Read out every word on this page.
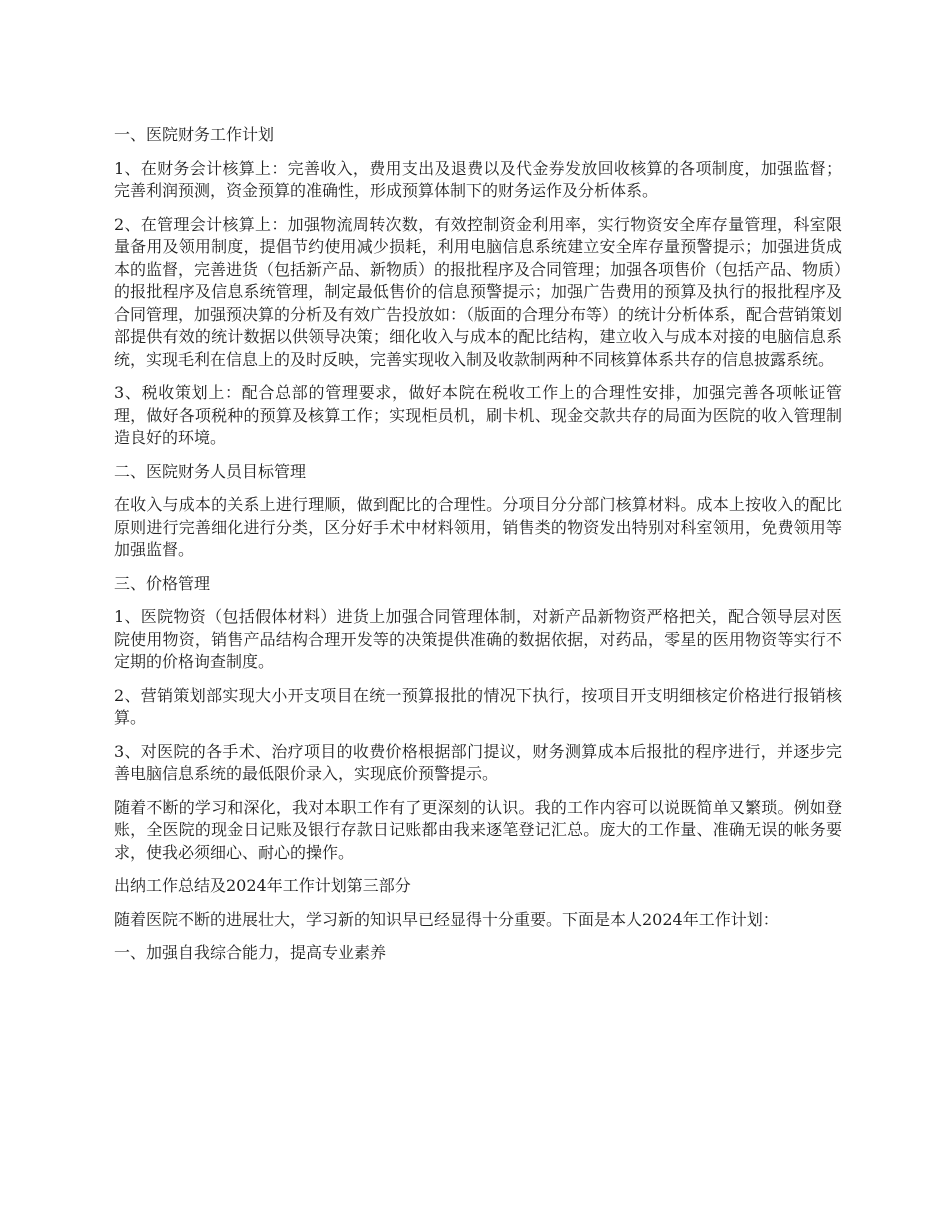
一、医院财务工作计划

1、在财务会计核算上：完善收入，费用支出及退费以及代金券发放回收核算的各项制度，加强监督；完善利润预测，资金预算的准确性，形成预算体制下的财务运作及分析体系。

2、在管理会计核算上：加强物流周转次数，有效控制资金利用率，实行物资安全库存量管理，科室限量备用及领用制度，提倡节约使用减少损耗，利用电脑信息系统建立安全库存量预警提示；加强进货成本的监督，完善进货（包括新产品、新物质）的报批程序及合同管理；加强各项售价（包括产品、物质）的报批程序及信息系统管理，制定最低售价的信息预警提示；加强广告费用的预算及执行的报批程序及合同管理，加强预决算的分析及有效广告投放如：（版面的合理分布等）的统计分析体系，配合营销策划部提供有效的统计数据以供领导决策；细化收入与成本的配比结构，建立收入与成本对接的电脑信息系统，实现毛利在信息上的及时反映，完善实现收入制及收款制两种不同核算体系共存的信息披露系统。

3、税收策划上：配合总部的管理要求，做好本院在税收工作上的合理性安排，加强完善各项帐证管理，做好各项税种的预算及核算工作；实现柜员机，刷卡机、现金交款共存的局面为医院的收入管理制造良好的环境。

二、医院财务人员目标管理

在收入与成本的关系上进行理顺，做到配比的合理性。分项目分分部门核算材料。成本上按收入的配比原则进行完善细化进行分类，区分好手术中材料领用，销售类的物资发出特别对科室领用，免费领用等加强监督。

三、价格管理

1、医院物资（包括假体材料）进货上加强合同管理体制，对新产品新物资严格把关，配合领导层对医院使用物资，销售产品结构合理开发等的决策提供准确的数据依据，对药品，零星的医用物资等实行不定期的价格询查制度。

2、营销策划部实现大小开支项目在统一预算报批的情况下执行，按项目开支明细核定价格进行报销核算。

3、对医院的各手术、治疗项目的收费价格根据部门提议，财务测算成本后报批的程序进行，并逐步完善电脑信息系统的最低限价录入，实现底价预警提示。

随着不断的学习和深化，我对本职工作有了更深刻的认识。我的工作内容可以说既简单又繁琐。例如登账，全医院的现金日记账及银行存款日记账都由我来逐笔登记汇总。庞大的工作量、准确无误的帐务要求，使我必须细心、耐心的操作。

出纳工作总结及2024年工作计划第三部分

随着医院不断的进展壮大，学习新的知识早已经显得十分重要。下面是本人2024年工作计划：

一、加强自我综合能力，提高专业素养
